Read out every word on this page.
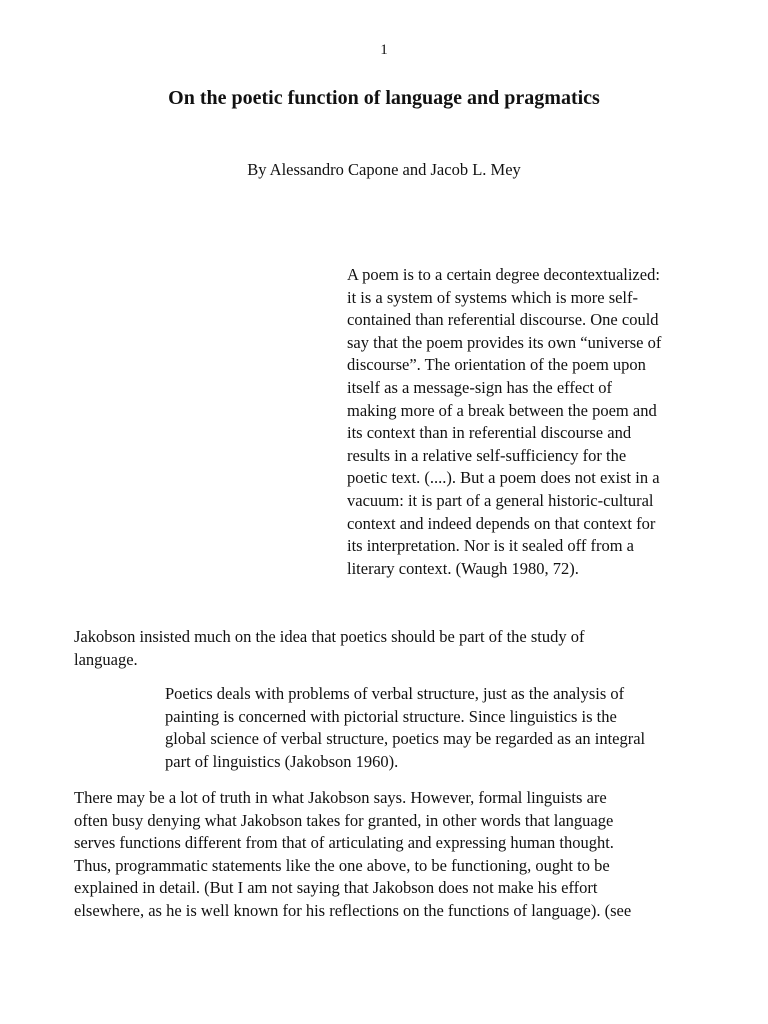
1
On the poetic function of language and pragmatics
By Alessandro Capone and Jacob L. Mey
A poem is to a certain degree decontextualized:
it is a system of systems which is more self-
contained than referential discourse. One could
say that the poem provides its own “universe of
discourse”. The orientation of the poem upon
itself as a message-sign has the effect of
making more of a break between the poem and
its context than in referential discourse and
results in a relative self-sufficiency for the
poetic text. (....). But a poem does not exist in a
vacuum: it is part of a general historic-cultural
context and indeed depends on that context for
its interpretation. Nor is it sealed off from a
literary context. (Waugh 1980, 72).
Jakobson insisted much on the idea that poetics should be part of the study of
language.
Poetics deals with problems of verbal structure, just as the analysis of
painting is concerned with pictorial structure. Since linguistics is the
global science of verbal structure, poetics may be regarded as an integral
part of linguistics (Jakobson 1960).
There may be a lot of truth in what Jakobson says. However, formal linguists are
often busy denying what Jakobson takes for granted, in other words that language
serves functions different from that of articulating and expressing human thought.
Thus, programmatic statements like the one above, to be functioning, ought to be
explained in detail. (But I am not saying that Jakobson does not make his effort
elsewhere, as he is well known for his reflections on the functions of language). (see
